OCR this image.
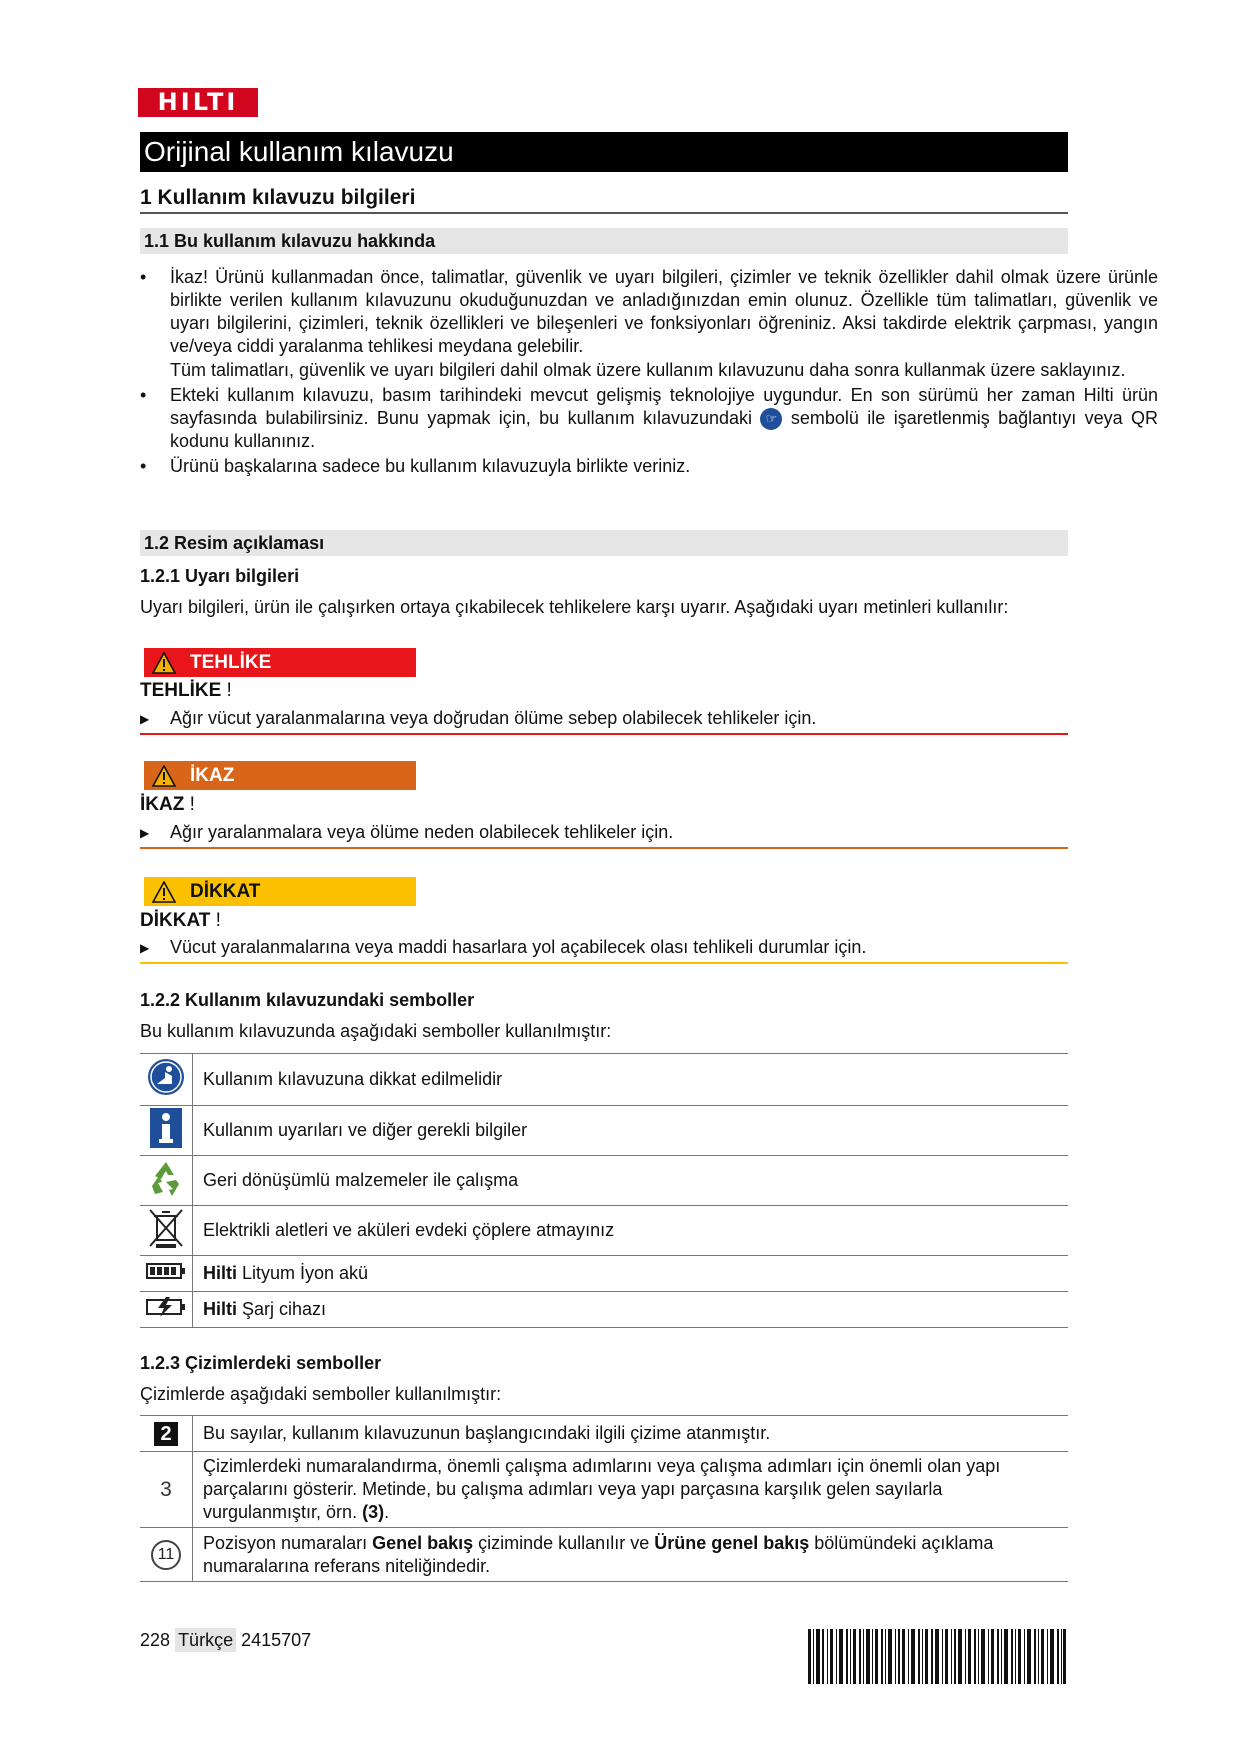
HILTI
Orijinal kullanım kılavuzu
1 Kullanım kılavuzu bilgileri
1.1 Bu kullanım kılavuzu hakkında
• İkaz! Ürünü kullanmadan önce, talimatlar, güvenlik ve uyarı bilgileri, çizimler ve teknik özellikler dahil olmak üzere ürünle birlikte verilen kullanım kılavuzunu okuduğunuzdan ve anladığınızdan emin olunuz. Özellikle tüm talimatları, güvenlik ve uyarı bilgilerini, çizimleri, teknik özellikleri ve bileşenleri ve fonksiyonları öğreniniz. Aksi takdirde elektrik çarpması, yangın ve/veya ciddi yaralanma tehlikesi meydana gelebilir.
Tüm talimatları, güvenlik ve uyarı bilgileri dahil olmak üzere kullanım kılavuzunu daha sonra kullanmak üzere saklayınız.
• Ekteki kullanım kılavuzu, basım tarihindeki mevcut gelişmiş teknolojiye uygundur. En son sürümü her zaman Hilti ürün sayfasında bulabilirsiniz. Bunu yapmak için, bu kullanım kılavuzundaki ☞ sembolü ile işaretlenmiş bağlantıyı veya QR kodunu kullanınız.
• Ürünü başkalarına sadece bu kullanım kılavuzuyla birlikte veriniz.
1.2 Resim açıklaması
1.2.1 Uyarı bilgileri
Uyarı bilgileri, ürün ile çalışırken ortaya çıkabilecek tehlikelere karşı uyarır. Aşağıdaki uyarı metinleri kullanılır:
TEHLİKE
TEHLİKE !
▶ Ağır vücut yaralanmalarına veya doğrudan ölüme sebep olabilecek tehlikeler için.
İKAZ
İKAZ !
▶ Ağır yaralanmalara veya ölüme neden olabilecek tehlikeler için.
DİKKAT
DİKKAT !
▶ Vücut yaralanmalarına veya maddi hasarlara yol açabilecek olası tehlikeli durumlar için.
1.2.2 Kullanım kılavuzundaki semboller
Bu kullanım kılavuzunda aşağıdaki semboller kullanılmıştır:
	Kullanım kılavuzuna dikkat edilmelidir
	Kullanım uyarıları ve diğer gerekli bilgiler
	Geri dönüşümlü malzemeler ile çalışma
	Elektrikli aletleri ve aküleri evdeki çöplere atmayınız
	Hilti Lityum İyon akü
	Hilti Şarj cihazı
1.2.3 Çizimlerdeki semboller
Çizimlerde aşağıdaki semboller kullanılmıştır:
2	Bu sayılar, kullanım kılavuzunun başlangıcındaki ilgili çizime atanmıştır.
3	Çizimlerdeki numaralandırma, önemli çalışma adımlarını veya çalışma adımları için önemli olan yapı parçalarını gösterir. Metinde, bu çalışma adımları veya yapı parçasına karşılık gelen sayılarla vurgulanmıştır, örn. (3).
11	Pozisyon numaraları Genel bakış çiziminde kullanılır ve Ürüne genel bakış bölümündeki açıklama numaralarına referans niteliğindedir.
228 Türkçe 2415707
